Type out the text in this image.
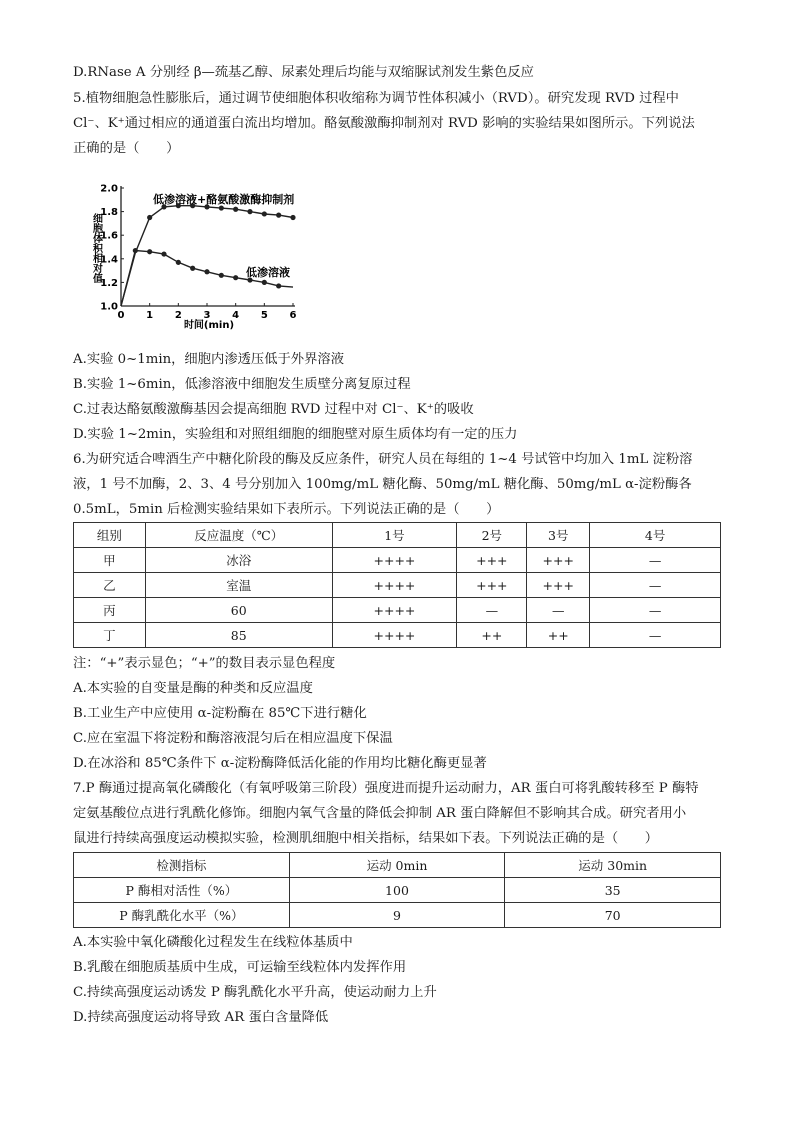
D.RNase A 分别经 β—巯基乙醇、尿素处理后均能与双缩脲试剂发生紫色反应
5.植物细胞急性膨胀后，通过调节使细胞体积收缩称为调节性体积减小（RVD）。研究发现 RVD 过程中
Cl⁻、K⁺通过相应的通道蛋白流出均增加。酪氨酸激酶抑制剂对 RVD 影响的实验结果如图所示。下列说法
正确的是（　　）
0 1 2 3 4 5 6
1.0
1.2
1.4
1.6
1.8
2.0
低渗溶液+酪氨酸激酶抑制剂
低渗溶液
时间(min)
细胞体积相对值
A.实验 0~1min，细胞内渗透压低于外界溶液
B.实验 1~6min，低渗溶液中细胞发生质壁分离复原过程
C.过表达酪氨酸激酶基因会提高细胞 RVD 过程中对 Cl⁻、K⁺的吸收
D.实验 1~2min，实验组和对照组细胞的细胞壁对原生质体均有一定的压力
6.为研究适合啤酒生产中糖化阶段的酶及反应条件，研究人员在每组的 1~4 号试管中均加入 1mL 淀粉溶
液，1 号不加酶，2、3、4 号分别加入 100mg/mL 糖化酶、50mg/mL 糖化酶、50mg/mL α-淀粉酶各
0.5mL，5min 后检测实验结果如下表所示。下列说法正确的是（　　）
组别	反应温度（℃）	1号	2号	3号	4号
甲	冰浴	++++	+++	+++	—
乙	室温	++++	+++	+++	—
丙	60	++++	—	—	—
丁	85	++++	++	++	—
注：“+”表示显色；“+”的数目表示显色程度
A.本实验的自变量是酶的种类和反应温度
B.工业生产中应使用 α-淀粉酶在 85℃下进行糖化
C.应在室温下将淀粉和酶溶液混匀后在相应温度下保温
D.在冰浴和 85℃条件下 α-淀粉酶降低活化能的作用均比糖化酶更显著
7.P 酶通过提高氧化磷酸化（有氧呼吸第三阶段）强度进而提升运动耐力，AR 蛋白可将乳酸转移至 P 酶特
定氨基酸位点进行乳酰化修饰。细胞内氧气含量的降低会抑制 AR 蛋白降解但不影响其合成。研究者用小
鼠进行持续高强度运动模拟实验，检测肌细胞中相关指标，结果如下表。下列说法正确的是（　　）
检测指标	运动 0min	运动 30min
P 酶相对活性（%）	100	35
P 酶乳酰化水平（%）	9	70
A.本实验中氧化磷酸化过程发生在线粒体基质中
B.乳酸在细胞质基质中生成，可运输至线粒体内发挥作用
C.持续高强度运动诱发 P 酶乳酰化水平升高，使运动耐力上升
D.持续高强度运动将导致 AR 蛋白含量降低
